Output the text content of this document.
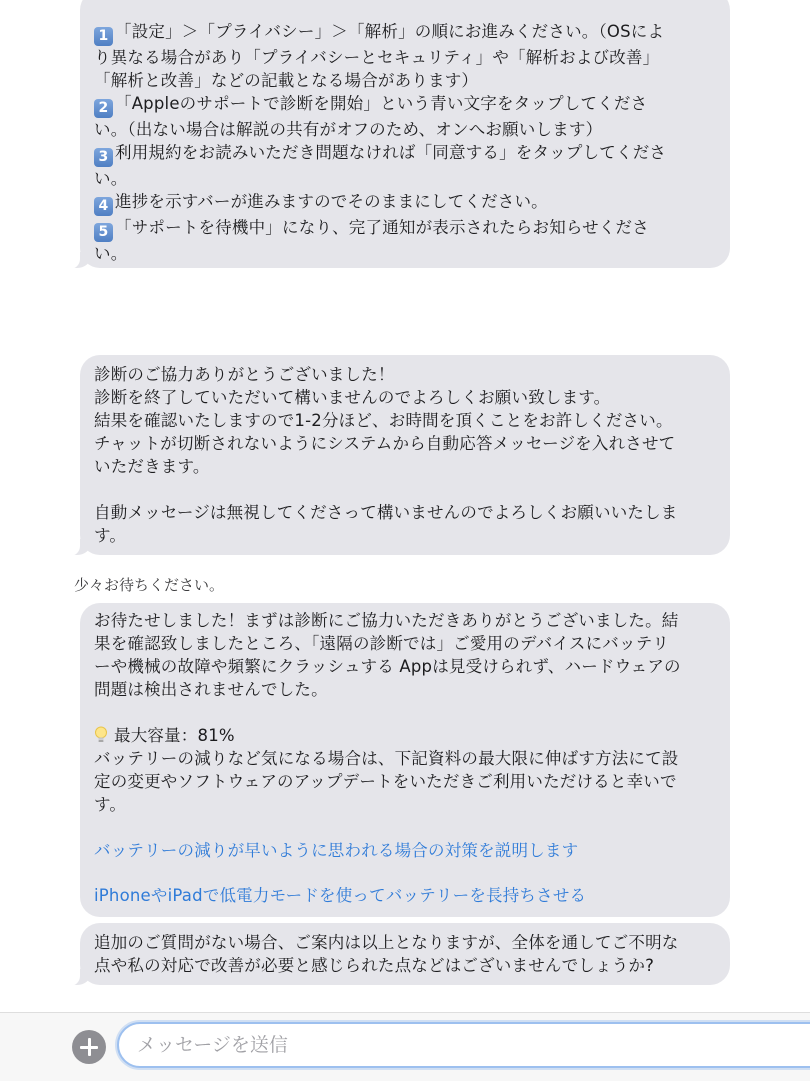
1 「設定」＞「プライバシー」＞「解析」の順にお進みください。（OSによ
り異なる場合があり「プライバシーとセキュリティ」や「解析および改善」
「解析と改善」などの記載となる場合があります）
2 「Appleのサポートで診断を開始」という青い文字をタップしてくださ
い。（出ない場合は解説の共有がオフのため、オンへお願いします）
3 利用規約をお読みいただき問題なければ「同意する」をタップしてくださ
い。
4 進捗を示すバーが進みますのでそのままにしてください。
5 「サポートを待機中」になり、完了通知が表示されたらお知らせくださ
い。
診断のご協力ありがとうございました！
診断を終了していただいて構いませんのでよろしくお願い致します。
結果を確認いたしますので1-2分ほど、お時間を頂くことをお許しください。
チャットが切断されないようにシステムから自動応答メッセージを入れさせて
いただきます。
自動メッセージは無視してくださって構いませんのでよろしくお願いいたしま
す。
少々お待ちください。
お待たせしました！まずは診断にご協力いただきありがとうございました。結
果を確認致しましたところ、「遠隔の診断では」ご愛用のデバイスにバッテリ
ーや機械の故障や頻繁にクラッシュする Appは見受けられず、ハードウェアの
問題は検出されませんでした。
最大容量：81%
バッテリーの減りなど気になる場合は、下記資料の最大限に伸ばす方法にて設
定の変更やソフトウェアのアップデートをいただきご利用いただけると幸いで
す。
バッテリーの減りが早いように思われる場合の対策を説明します
iPhoneやiPadで低電力モードを使ってバッテリーを長持ちさせる
追加のご質問がない場合、ご案内は以上となりますが、全体を通してご不明な
点や私の対応で改善が必要と感じられた点などはございませんでしょうか?
メッセージを送信
